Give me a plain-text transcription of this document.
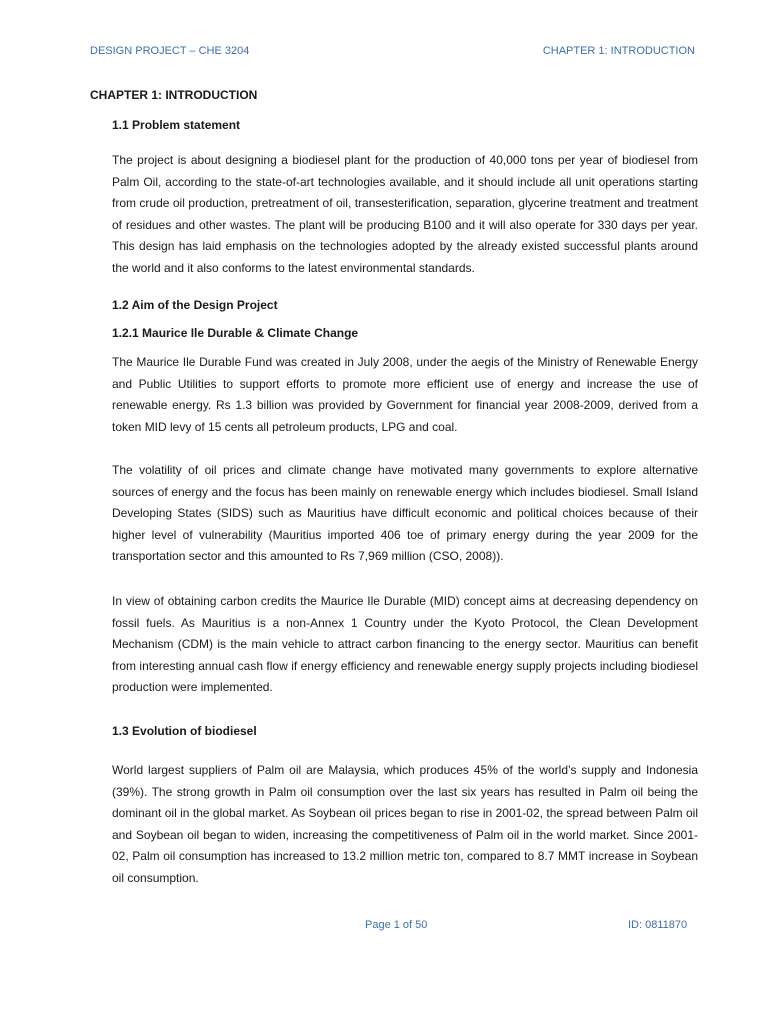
DESIGN PROJECT – CHE 3204	CHAPTER 1: INTRODUCTION
CHAPTER 1: INTRODUCTION
1.1 Problem statement

The project is about designing a biodiesel plant for the production of 40,000 tons per year of biodiesel from Palm Oil, according to the state-of-art technologies available, and it should include all unit operations starting from crude oil production, pretreatment of oil, transesterification, separation, glycerine treatment and treatment of residues and other wastes. The plant will be producing B100 and it will also operate for 330 days per year. This design has laid emphasis on the technologies adopted by the already existed successful plants around the world and it also conforms to the latest environmental standards.

1.2 Aim of the Design Project
1.2.1 Maurice Ile Durable & Climate Change

The Maurice Ile Durable Fund was created in July 2008, under the aegis of the Ministry of Renewable Energy and Public Utilities to support efforts to promote more efficient use of energy and increase the use of renewable energy. Rs 1.3 billion was provided by Government for financial year 2008-2009, derived from a token MID levy of 15 cents all petroleum products, LPG and coal.

The volatility of oil prices and climate change have motivated many governments to explore alternative sources of energy and the focus has been mainly on renewable energy which includes biodiesel. Small Island Developing States (SIDS) such as Mauritius have difficult economic and political choices because of their higher level of vulnerability (Mauritius imported 406 toe of primary energy during the year 2009 for the transportation sector and this amounted to Rs 7,969 million (CSO, 2008)).

In view of obtaining carbon credits the Maurice Ile Durable (MID) concept aims at decreasing dependency on fossil fuels. As Mauritius is a non-Annex 1 Country under the Kyoto Protocol, the Clean Development Mechanism (CDM) is the main vehicle to attract carbon financing to the energy sector. Mauritius can benefit from interesting annual cash flow if energy efficiency and renewable energy supply projects including biodiesel production were implemented.

1.3 Evolution of biodiesel

World largest suppliers of Palm oil are Malaysia, which produces 45% of the world’s supply and Indonesia (39%). The strong growth in Palm oil consumption over the last six years has resulted in Palm oil being the dominant oil in the global market. As Soybean oil prices began to rise in 2001-02, the spread between Palm oil and Soybean oil began to widen, increasing the competitiveness of Palm oil in the world market. Since 2001-02, Palm oil consumption has increased to 13.2 million metric ton, compared to 8.7 MMT increase in Soybean oil consumption.

Page 1 of 50	ID: 0811870
